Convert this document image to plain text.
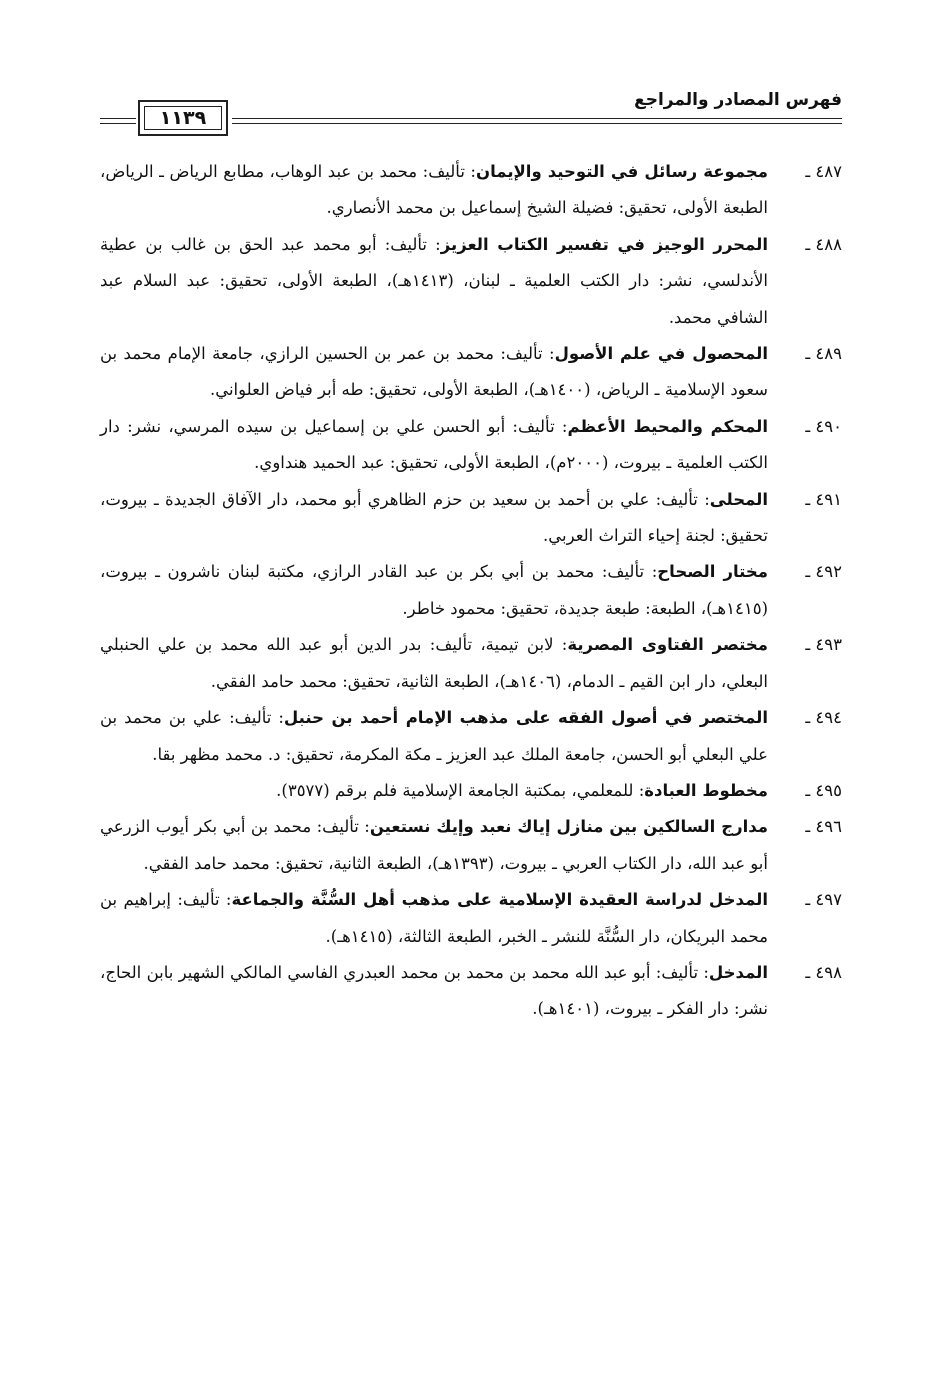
فهرس المصادر والمراجع
١١٣٩

٤٨٧ ـ
مجموعة رسائل في التوحيد والإيمان: تأليف: محمد بن عبد الوهاب، مطابع الرياض ـ الرياض، الطبعة الأولى، تحقيق: فضيلة الشيخ إسماعيل بن محمد الأنصاري.

٤٨٨ ـ
المحرر الوجيز في تفسير الكتاب العزيز: تأليف: أبو محمد عبد الحق بن غالب بن عطية الأندلسي، نشر: دار الكتب العلمية ـ لبنان، (١٤١٣هـ)، الطبعة الأولى، تحقيق: عبد السلام عبد الشافي محمد.

٤٨٩ ـ
المحصول في علم الأصول: تأليف: محمد بن عمر بن الحسين الرازي، جامعة الإمام محمد بن سعود الإسلامية ـ الرياض، (١٤٠٠هـ)، الطبعة الأولى، تحقيق: طه أبر فياض العلواني.

٤٩٠ ـ
المحكم والمحيط الأعظم: تأليف: أبو الحسن علي بن إسماعيل بن سيده المرسي، نشر: دار الكتب العلمية ـ بيروت، (٢٠٠٠م)، الطبعة الأولى، تحقيق: عبد الحميد هنداوي.

٤٩١ ـ
المحلى: تأليف: علي بن أحمد بن سعيد بن حزم الظاهري أبو محمد، دار الآفاق الجديدة ـ بيروت، تحقيق: لجنة إحياء التراث العربي.

٤٩٢ ـ
مختار الصحاح: تأليف: محمد بن أبي بكر بن عبد القادر الرازي، مكتبة لبنان ناشرون ـ بيروت، (١٤١٥هـ)، الطبعة: طبعة جديدة، تحقيق: محمود خاطر.

٤٩٣ ـ
مختصر الفتاوى المصرية: لابن تيمية، تأليف: بدر الدين أبو عبد الله محمد بن علي الحنبلي البعلي، دار ابن القيم ـ الدمام، (١٤٠٦هـ)، الطبعة الثانية، تحقيق: محمد حامد الفقي.

٤٩٤ ـ
المختصر في أصول الفقه على مذهب الإمام أحمد بن حنبل: تأليف: علي بن محمد بن علي البعلي أبو الحسن، جامعة الملك عبد العزيز ـ مكة المكرمة، تحقيق: د. محمد مظهر بقا.

٤٩٥ ـ
مخطوط العبادة: للمعلمي، بمكتبة الجامعة الإسلامية فلم برقم (٣٥٧٧).

٤٩٦ ـ
مدارج السالكين بين منازل إياك نعبد وإيك نستعين: تأليف: محمد بن أبي بكر أيوب الزرعي أبو عبد الله، دار الكتاب العربي ـ بيروت، (١٣٩٣هـ)، الطبعة الثانية، تحقيق: محمد حامد الفقي.

٤٩٧ ـ
المدخل لدراسة العقيدة الإسلامية على مذهب أهل السُّنَّة والجماعة: تأليف: إبراهيم بن محمد البريكان، دار السُّنَّة للنشر ـ الخبر، الطبعة الثالثة، (١٤١٥هـ).

٤٩٨ ـ
المدخل: تأليف: أبو عبد الله محمد بن محمد بن محمد العبدري الفاسي المالكي الشهير بابن الحاج، نشر: دار الفكر ـ بيروت، (١٤٠١هـ).
